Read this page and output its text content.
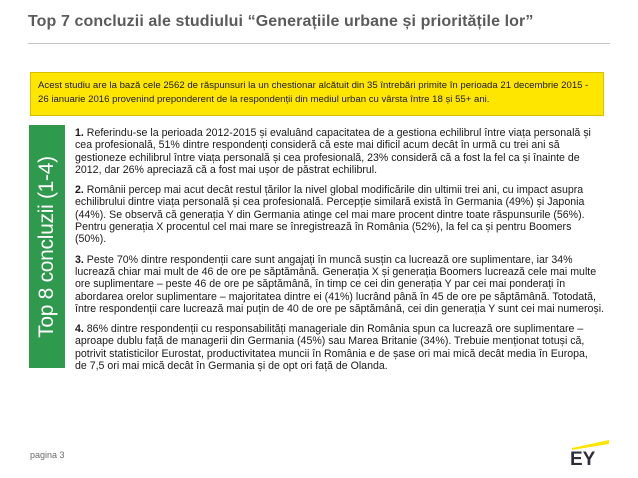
Top 7 concluzii ale studiului “Generațiile urbane și prioritățile lor”
Acest studiu are la bază cele 2562 de răspunsuri la un chestionar alcătuit din 35 întrebări primite în perioada 21 decembrie 2015 -
26 ianuarie 2016 provenind preponderent de la respondenții din mediul urban cu vârsta între 18 și 55+ ani.
Top 8 concluzii (1-4)
1. Referindu-se la perioada 2012-2015 și evaluând capacitatea de a gestiona echilibrul între viața personală și
cea profesională, 51% dintre respondenți consideră că este mai dificil acum decât în urmă cu trei ani să
gestioneze echilibrul între viața personală și cea profesională, 23% consideră că a fost la fel ca și înainte de
2012, dar 26% apreciază că a fost mai ușor de păstrat echilibrul.
2. Românii percep mai acut decât restul țărilor la nivel global modificările din ultimii trei ani, cu impact asupra
echilibrului dintre viața personală și cea profesională. Percepție similară există în Germania (49%) și Japonia
(44%). Se observă că generația Y din Germania atinge cel mai mare procent dintre toate răspunsurile (56%).
Pentru generația X procentul cel mai mare se înregistrează în România (52%), la fel ca și pentru Boomers
(50%).
3. Peste 70% dintre respondenții care sunt angajați în muncă susțin ca lucrează ore suplimentare, iar 34%
lucrează chiar mai mult de 46 de ore pe săptămână. Generația X și generația Boomers lucrează cele mai multe
ore suplimentare – peste 46 de ore pe săptămână, în timp ce cei din generația Y par cei mai ponderați în
abordarea orelor suplimentare – majoritatea dintre ei (41%) lucrând până în 45 de ore pe săptămână. Totodată,
între respondenții care lucrează mai puțin de 40 de ore pe săptămână, cei din generația Y sunt cei mai numeroși.
4. 86% dintre respondenții cu responsabilități manageriale din România spun ca lucrează ore suplimentare –
aproape dublu față de managerii din Germania (45%) sau Marea Britanie (34%). Trebuie menționat totuși că,
potrivit statisticilor Eurostat, productivitatea muncii în România e de șase ori mai mică decât media în Europa,
de 7,5 ori mai mică decât în Germania și de opt ori față de Olanda.
pagina 3	EY
